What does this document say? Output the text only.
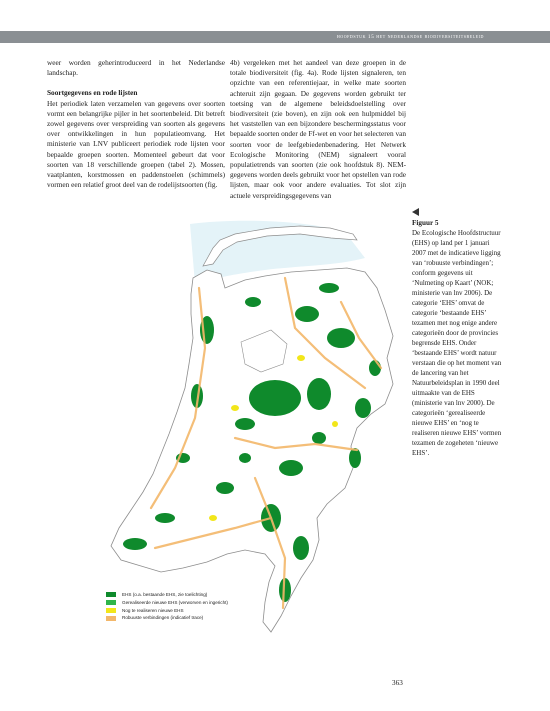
hoofdstuk 15 het nederlandse biodiversiteitsbeleid

weer worden geherintroduceerd in het Nederlandse landschap.

Soortgegevens en rode lijsten

Het periodiek laten verzamelen van gegevens over soorten vormt een belangrijke pijler in het soortenbeleid. Dit betreft zowel gegevens over verspreiding van soorten als gegevens over ontwikkelingen in hun populatieomvang. Het ministerie van LNV publiceert periodiek rode lijsten voor bepaalde groepen soorten. Momenteel gebeurt dat voor soorten van 18 verschillende groepen (tabel 2). Mossen, vaatplanten, korstmossen en paddenstoelen (schimmels) vormen een relatief groot deel van de rodelijstsoorten (fig.

4b) vergeleken met het aandeel van deze groepen in de totale biodiversiteit (fig. 4a). Rode lijsten signaleren, ten opzichte van een referentiejaar, in welke mate soorten achteruit zijn gegaan. De gegevens worden gebruikt ter toetsing van de algemene beleidsdoelstelling over biodiversiteit (zie boven), en zijn ook een hulpmiddel bij het vaststellen van een bijzondere beschermingsstatus voor bepaalde soorten onder de Ff-wet en voor het selecteren van soorten voor de leefgebiedenbenadering. Het Netwerk Ecologische Monitoring (NEM) signaleert vooral populatietrends van soorten (zie ook hoofdstuk 8). NEM-gegevens worden deels gebruikt voor het opstellen van rode lijsten, maar ook voor andere evaluaties. Tot slot zijn actuele verspreidingsgegevens van

Figuur 5
De Ecologische Hoofdstructuur (EHS) op land per 1 januari 2007 met de indicatieve ligging van ‘robuuste verbindingen’; conform gegevens uit ‘Nulmeting op Kaart’ (NOK; ministerie van lnv 2006). De categorie ‘EHS’ omvat de categorie ‘bestaande EHS’ tezamen met nog enige andere categorieën door de provincies begrensde EHS. Onder ‘bestaande EHS’ wordt natuur verstaan die op het moment van de lancering van het Natuurbeleidsplan in 1990 deel uitmaakte van de EHS (ministerie van lnv 2000). De categorieën ‘gerealiseerde nieuwe EHS’ en ‘nog te realiseren nieuwe EHS’ vormen tezamen de zogeheten ‘nieuwe EHS’.
EHS (o.a. bestaande EHS, zie toelichting)
Gerealiseerde nieuwe EHS (verworven en ingericht)
Nog te realiseren nieuwe EHS
Robuuste verbindingen (indicatief trace)
363
